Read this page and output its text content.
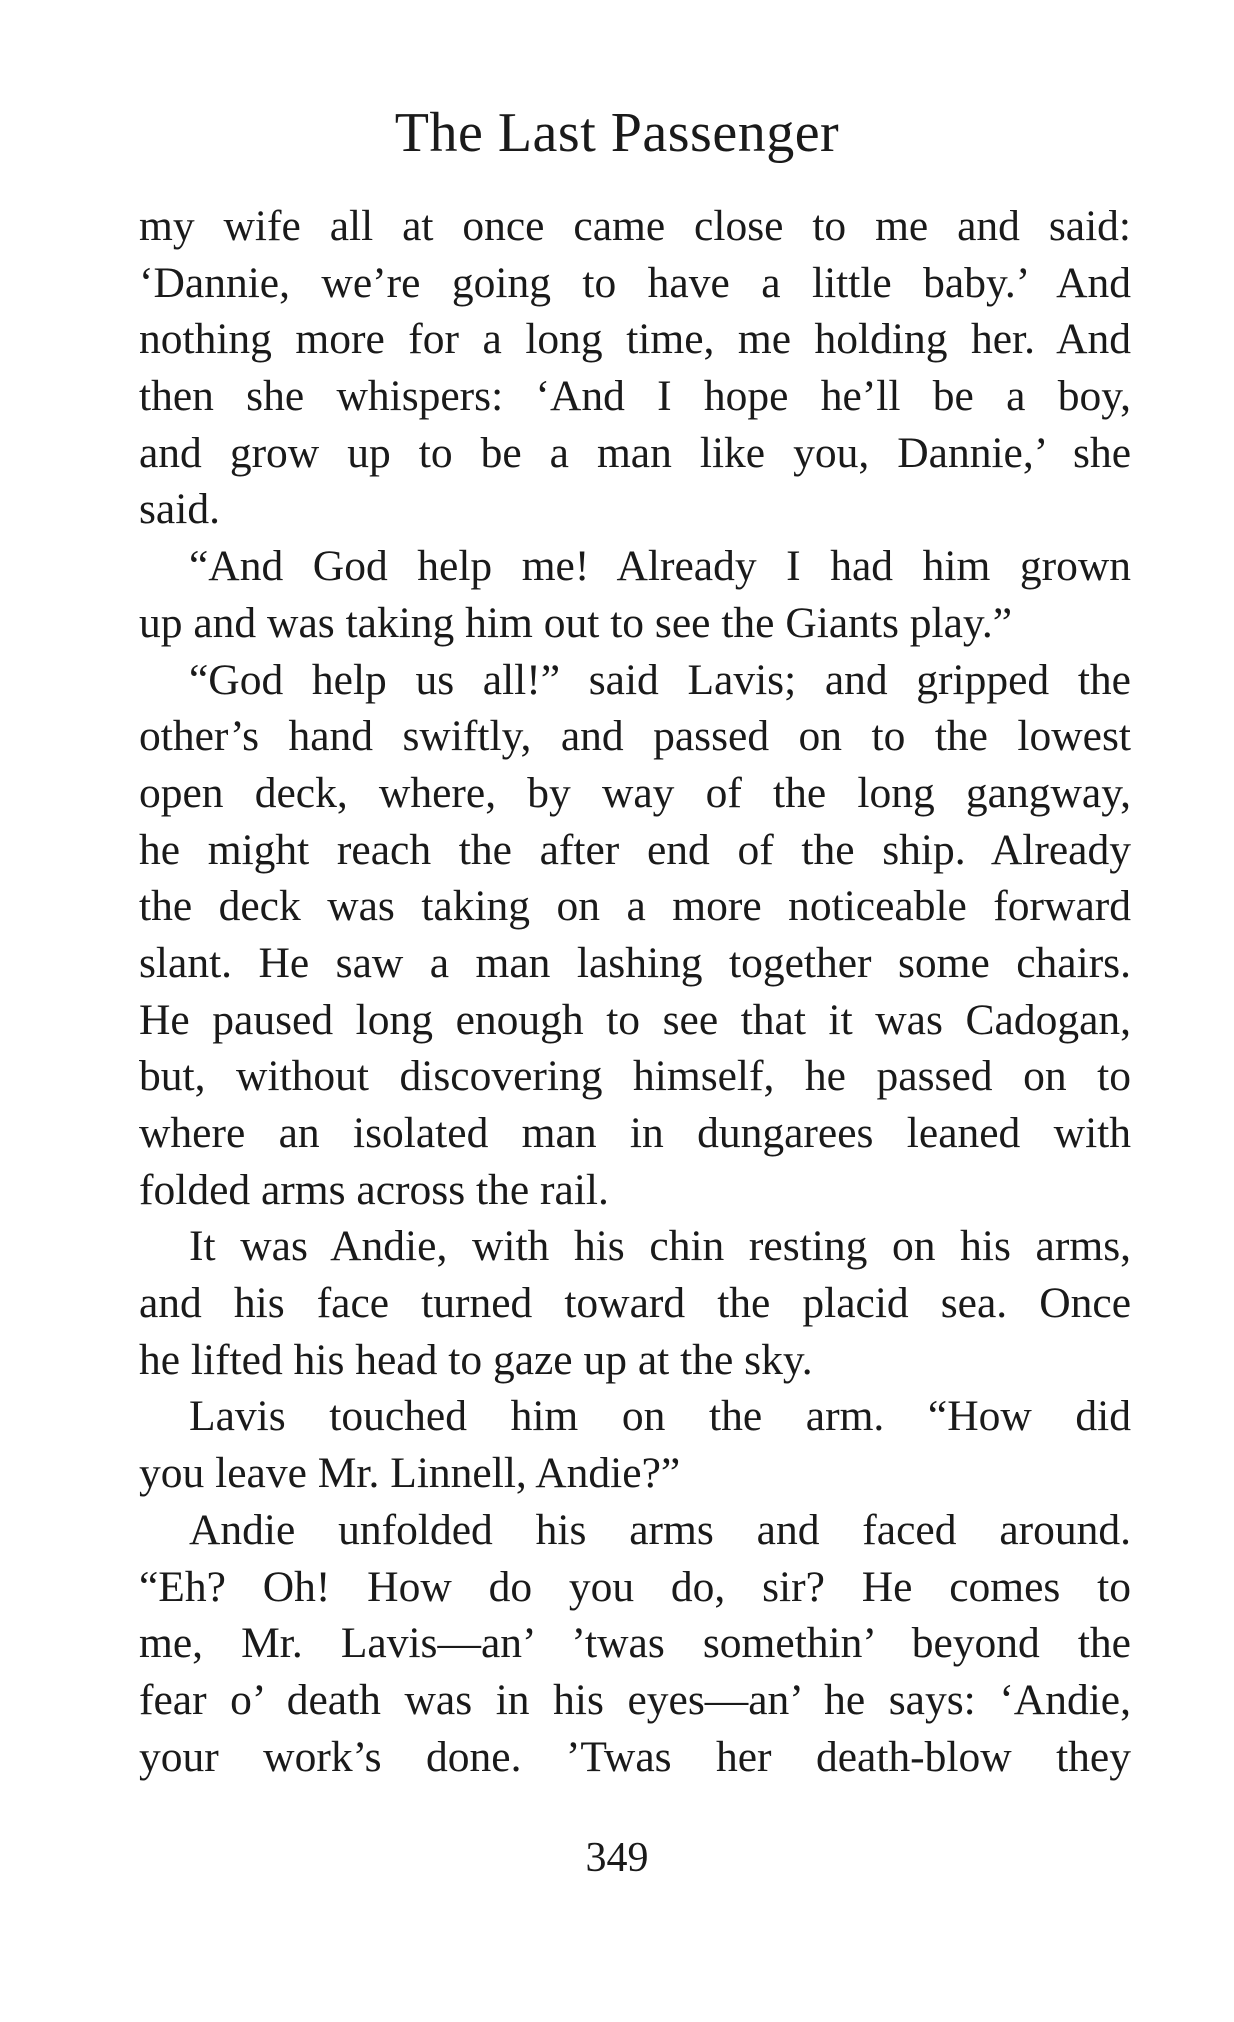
The Last Passenger
my wife all at once came close to me and said:
‘Dannie, we’re going to have a little baby.’ And
nothing more for a long time, me holding her. And
then she whispers: ‘And I hope he’ll be a boy,
and grow up to be a man like you, Dannie,’ she
said.
“And God help me! Already I had him grown
up and was taking him out to see the Giants play.”
“God help us all!” said Lavis; and gripped the
other’s hand swiftly, and passed on to the lowest
open deck, where, by way of the long gangway,
he might reach the after end of the ship. Already
the deck was taking on a more noticeable forward
slant. He saw a man lashing together some chairs.
He paused long enough to see that it was Cadogan,
but, without discovering himself, he passed on to
where an isolated man in dungarees leaned with
folded arms across the rail.
It was Andie, with his chin resting on his arms,
and his face turned toward the placid sea. Once
he lifted his head to gaze up at the sky.
Lavis touched him on the arm. “How did
you leave Mr. Linnell, Andie?”
Andie unfolded his arms and faced around.
“Eh? Oh! How do you do, sir? He comes to
me, Mr. Lavis—an’ ’twas somethin’ beyond the
fear o’ death was in his eyes—an’ he says: ‘Andie,
your work’s done. ’Twas her death-blow they
349
